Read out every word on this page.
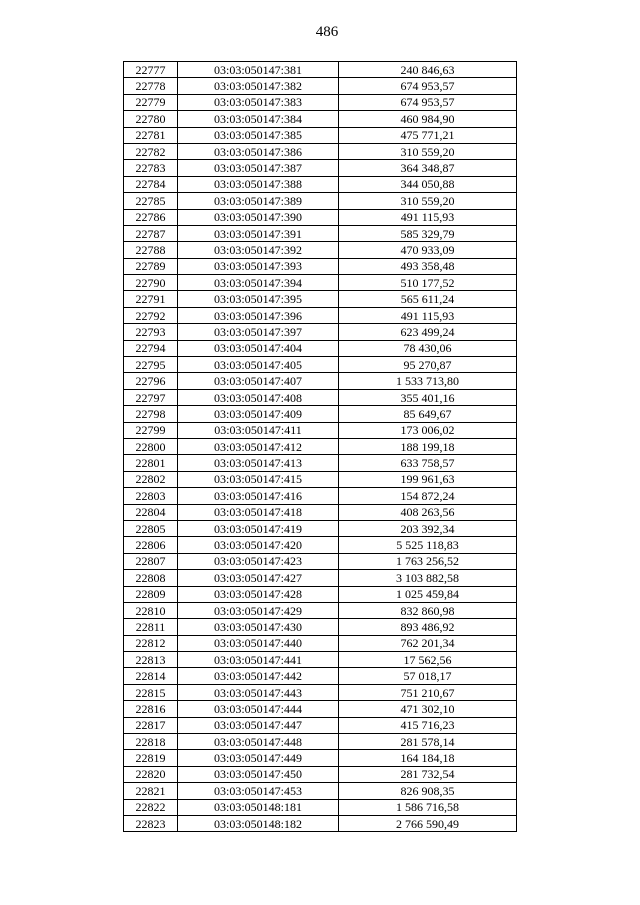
486
22777	03:03:050147:381	240 846,63
22778	03:03:050147:382	674 953,57
22779	03:03:050147:383	674 953,57
22780	03:03:050147:384	460 984,90
22781	03:03:050147:385	475 771,21
22782	03:03:050147:386	310 559,20
22783	03:03:050147:387	364 348,87
22784	03:03:050147:388	344 050,88
22785	03:03:050147:389	310 559,20
22786	03:03:050147:390	491 115,93
22787	03:03:050147:391	585 329,79
22788	03:03:050147:392	470 933,09
22789	03:03:050147:393	493 358,48
22790	03:03:050147:394	510 177,52
22791	03:03:050147:395	565 611,24
22792	03:03:050147:396	491 115,93
22793	03:03:050147:397	623 499,24
22794	03:03:050147:404	78 430,06
22795	03:03:050147:405	95 270,87
22796	03:03:050147:407	1 533 713,80
22797	03:03:050147:408	355 401,16
22798	03:03:050147:409	85 649,67
22799	03:03:050147:411	173 006,02
22800	03:03:050147:412	188 199,18
22801	03:03:050147:413	633 758,57
22802	03:03:050147:415	199 961,63
22803	03:03:050147:416	154 872,24
22804	03:03:050147:418	408 263,56
22805	03:03:050147:419	203 392,34
22806	03:03:050147:420	5 525 118,83
22807	03:03:050147:423	1 763 256,52
22808	03:03:050147:427	3 103 882,58
22809	03:03:050147:428	1 025 459,84
22810	03:03:050147:429	832 860,98
22811	03:03:050147:430	893 486,92
22812	03:03:050147:440	762 201,34
22813	03:03:050147:441	17 562,56
22814	03:03:050147:442	57 018,17
22815	03:03:050147:443	751 210,67
22816	03:03:050147:444	471 302,10
22817	03:03:050147:447	415 716,23
22818	03:03:050147:448	281 578,14
22819	03:03:050147:449	164 184,18
22820	03:03:050147:450	281 732,54
22821	03:03:050147:453	826 908,35
22822	03:03:050148:181	1 586 716,58
22823	03:03:050148:182	2 766 590,49
